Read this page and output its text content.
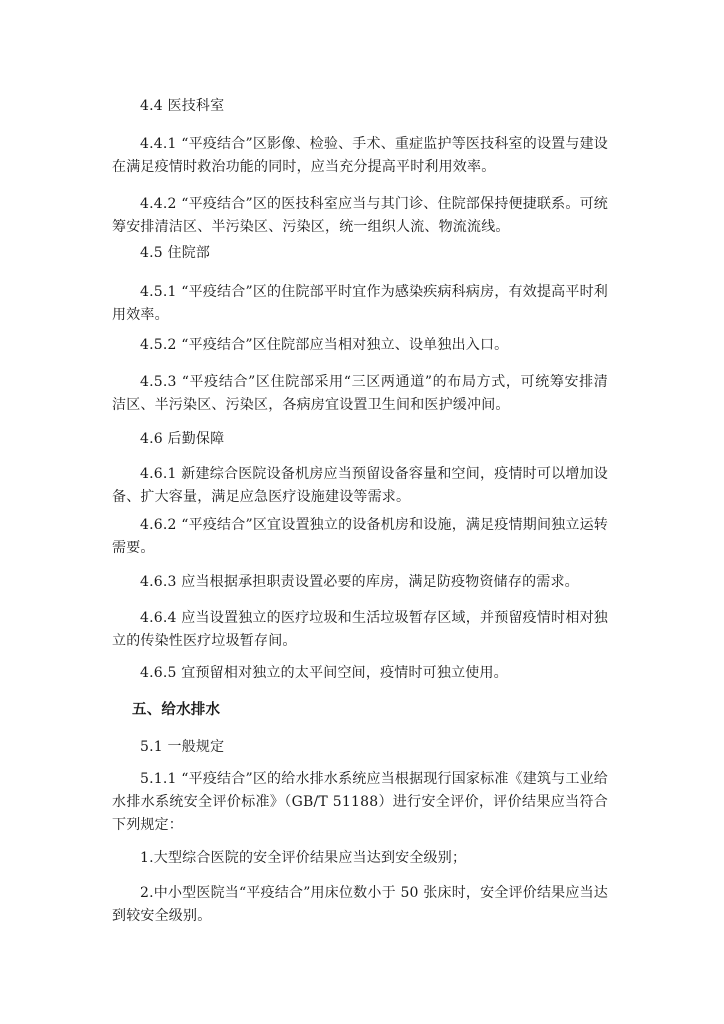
4.4 医技科室

4.4.1 “平疫结合”区影像、检验、手术、重症监护等医技科室的设置与建设在满足疫情时救治功能的同时，应当充分提高平时利用效率。

4.4.2 “平疫结合”区的医技科室应当与其门诊、住院部保持便捷联系。可统筹安排清洁区、半污染区、污染区，统一组织人流、物流流线。

4.5 住院部

4.5.1 “平疫结合”区的住院部平时宜作为感染疾病科病房，有效提高平时利用效率。

4.5.2 “平疫结合”区住院部应当相对独立、设单独出入口。

4.5.3 “平疫结合”区住院部采用“三区两通道”的布局方式，可统筹安排清洁区、半污染区、污染区，各病房宜设置卫生间和医护缓冲间。

4.6 后勤保障

4.6.1 新建综合医院设备机房应当预留设备容量和空间，疫情时可以增加设备、扩大容量，满足应急医疗设施建设等需求。

4.6.2 “平疫结合”区宜设置独立的设备机房和设施，满足疫情期间独立运转需要。

4.6.3 应当根据承担职责设置必要的库房，满足防疫物资储存的需求。

4.6.4 应当设置独立的医疗垃圾和生活垃圾暂存区域，并预留疫情时相对独立的传染性医疗垃圾暂存间。

4.6.5 宜预留相对独立的太平间空间，疫情时可独立使用。

五、给水排水

5.1 一般规定

5.1.1 “平疫结合”区的给水排水系统应当根据现行国家标准《建筑与工业给水排水系统安全评价标准》（GB/T 51188）进行安全评价，评价结果应当符合下列规定：

1.大型综合医院的安全评价结果应当达到安全级别；

2.中小型医院当“平疫结合”用床位数小于 50 张床时，安全评价结果应当达到较安全级别。
